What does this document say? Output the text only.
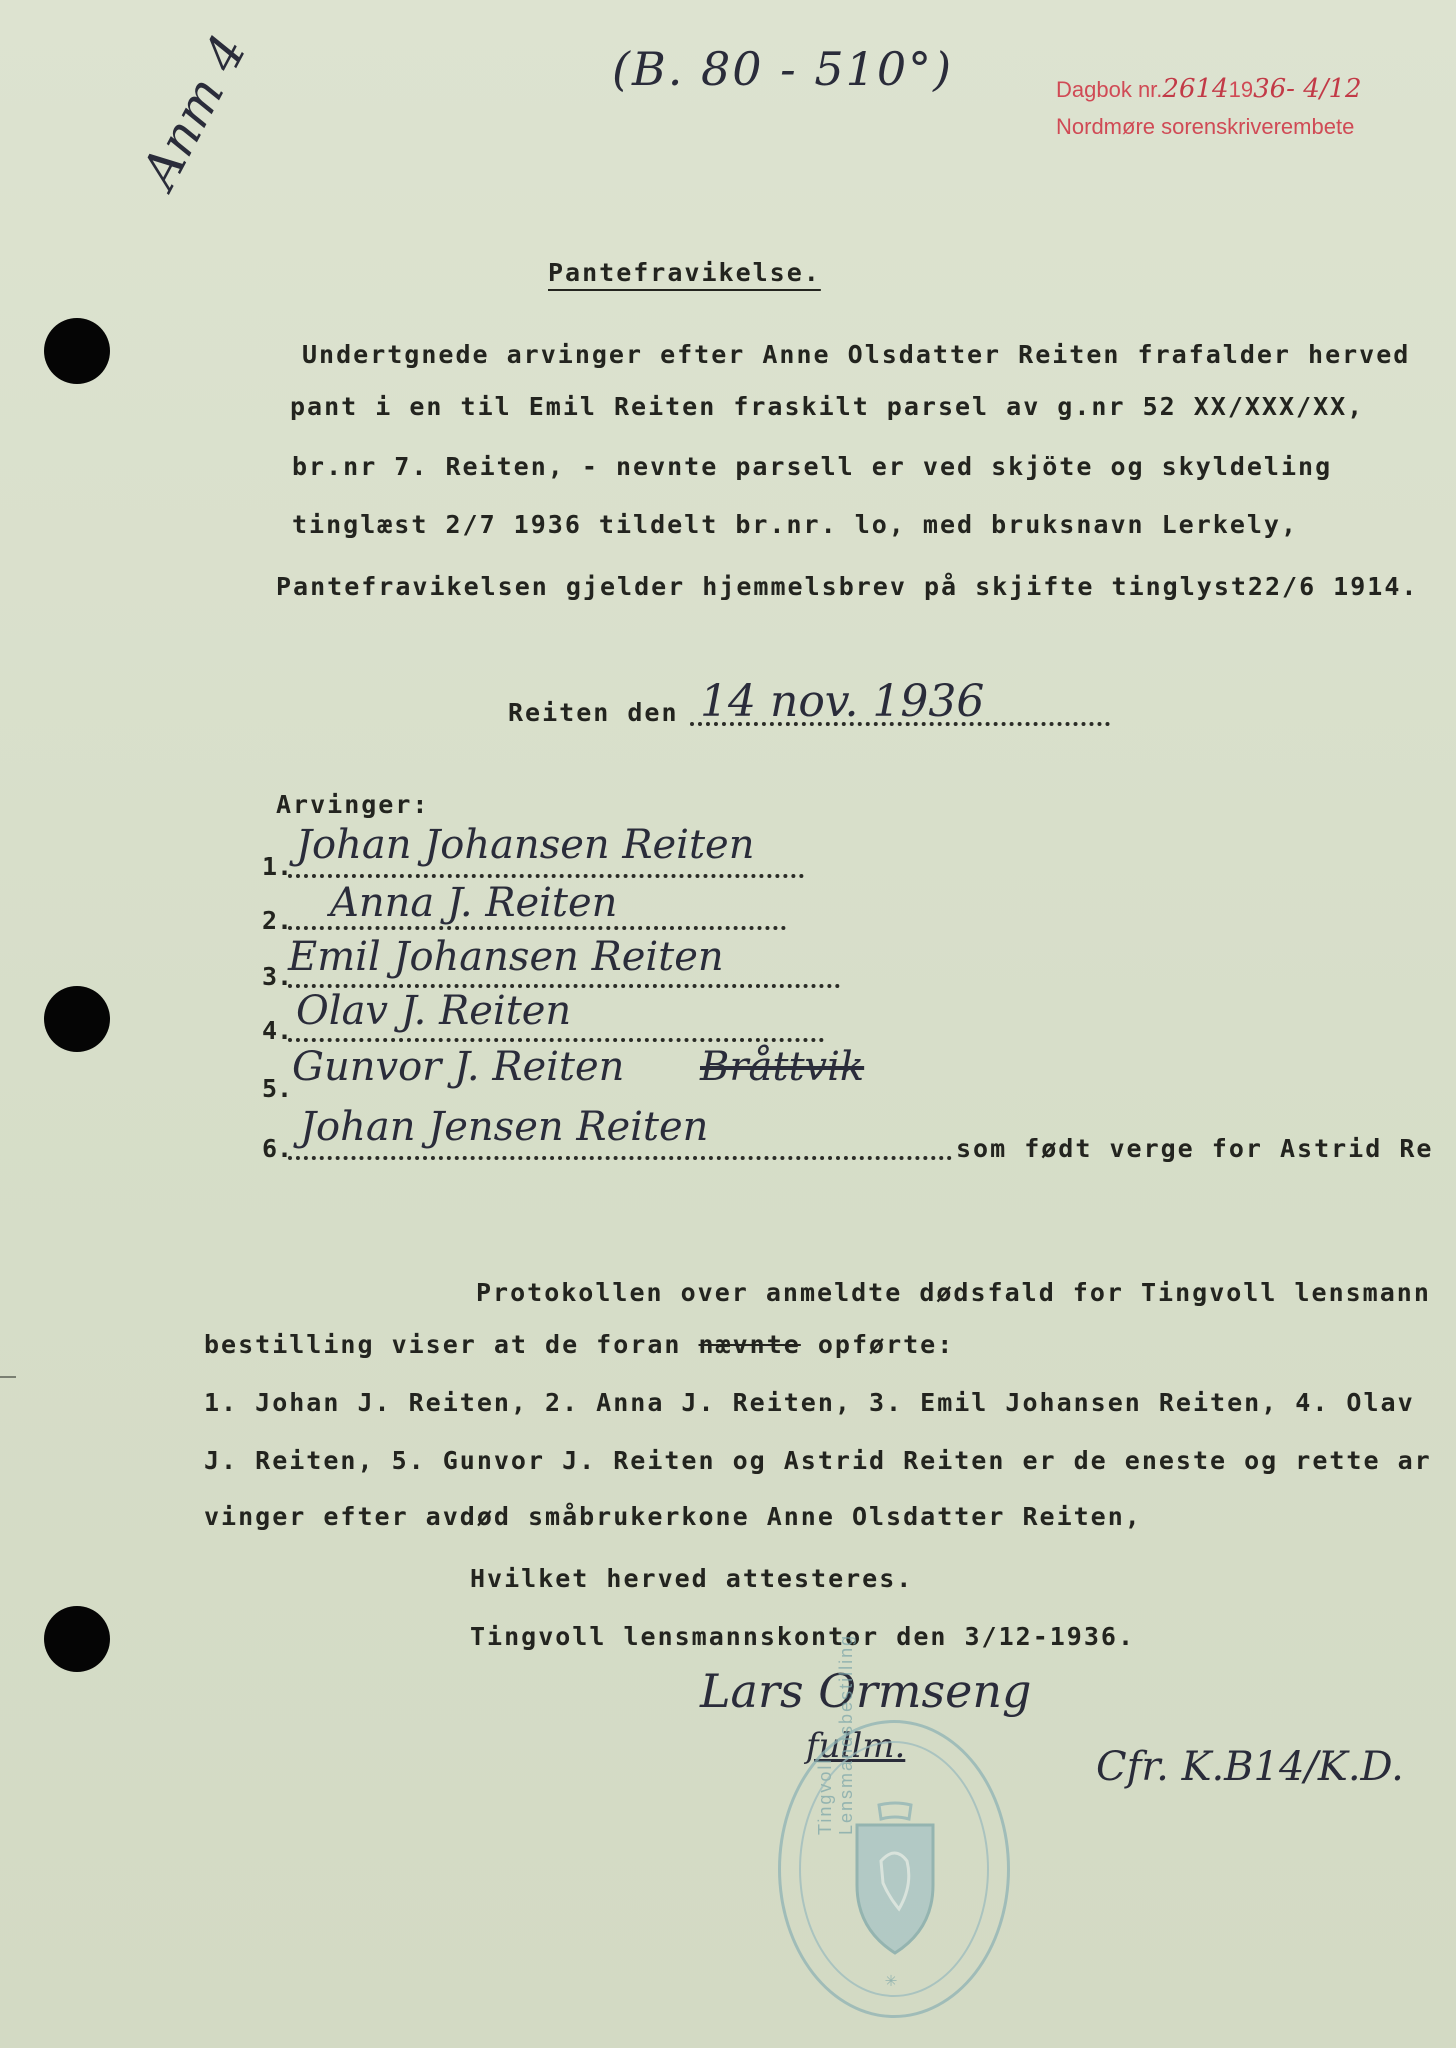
(B. 80 - 510°)
Anm 4	Dagbok nr.26141936- 4/12
Nordmøre sorenskriverembete
Pantefravikelse.
Undertgnede arvinger efter Anne Olsdatter Reiten frafalder herved
pant i en til Emil Reiten fraskilt parsel av g.nr 52 XX/XXX/XX,
br.nr 7. Reiten, - nevnte parsell er ved skjöte og skyldeling
tinglæst 2/7 1936 tildelt br.nr. lo, med bruksnavn Lerkely,
Pantefravikelsen gjelder hjemmelsbrev på skjifte tinglyst22/6 1914.
Reiten den 14 nov. 1936
Arvinger:
1. Johan Johansen Reiten
2. Anna J. Reiten
3.
Emil Johansen Reiten
4. Olav J. Reiten
5. Gunvor J. Reiten Bråttvik
6. Johan Jensen Reiten	som født verge for Astrid Re
Protokollen over anmeldte dødsfald for Tingvoll lensmann
bestilling viser at de foran nævnte opførte:
1. Johan J. Reiten, 2. Anna J. Reiten, 3. Emil Johansen Reiten, 4. Olav
J. Reiten, 5. Gunvor J. Reiten og Astrid Reiten er de eneste og rette ar
vinger efter avdød småbrukerkone Anne Olsdatter Reiten,
Hvilket herved attesteres.
Tingvoll lensmannskontor den 3/12-1936.
Lars Ormseng
fullm.
Tingvoll Lensmandsbestilling
✳
Cfr. K.B14/K.D.
